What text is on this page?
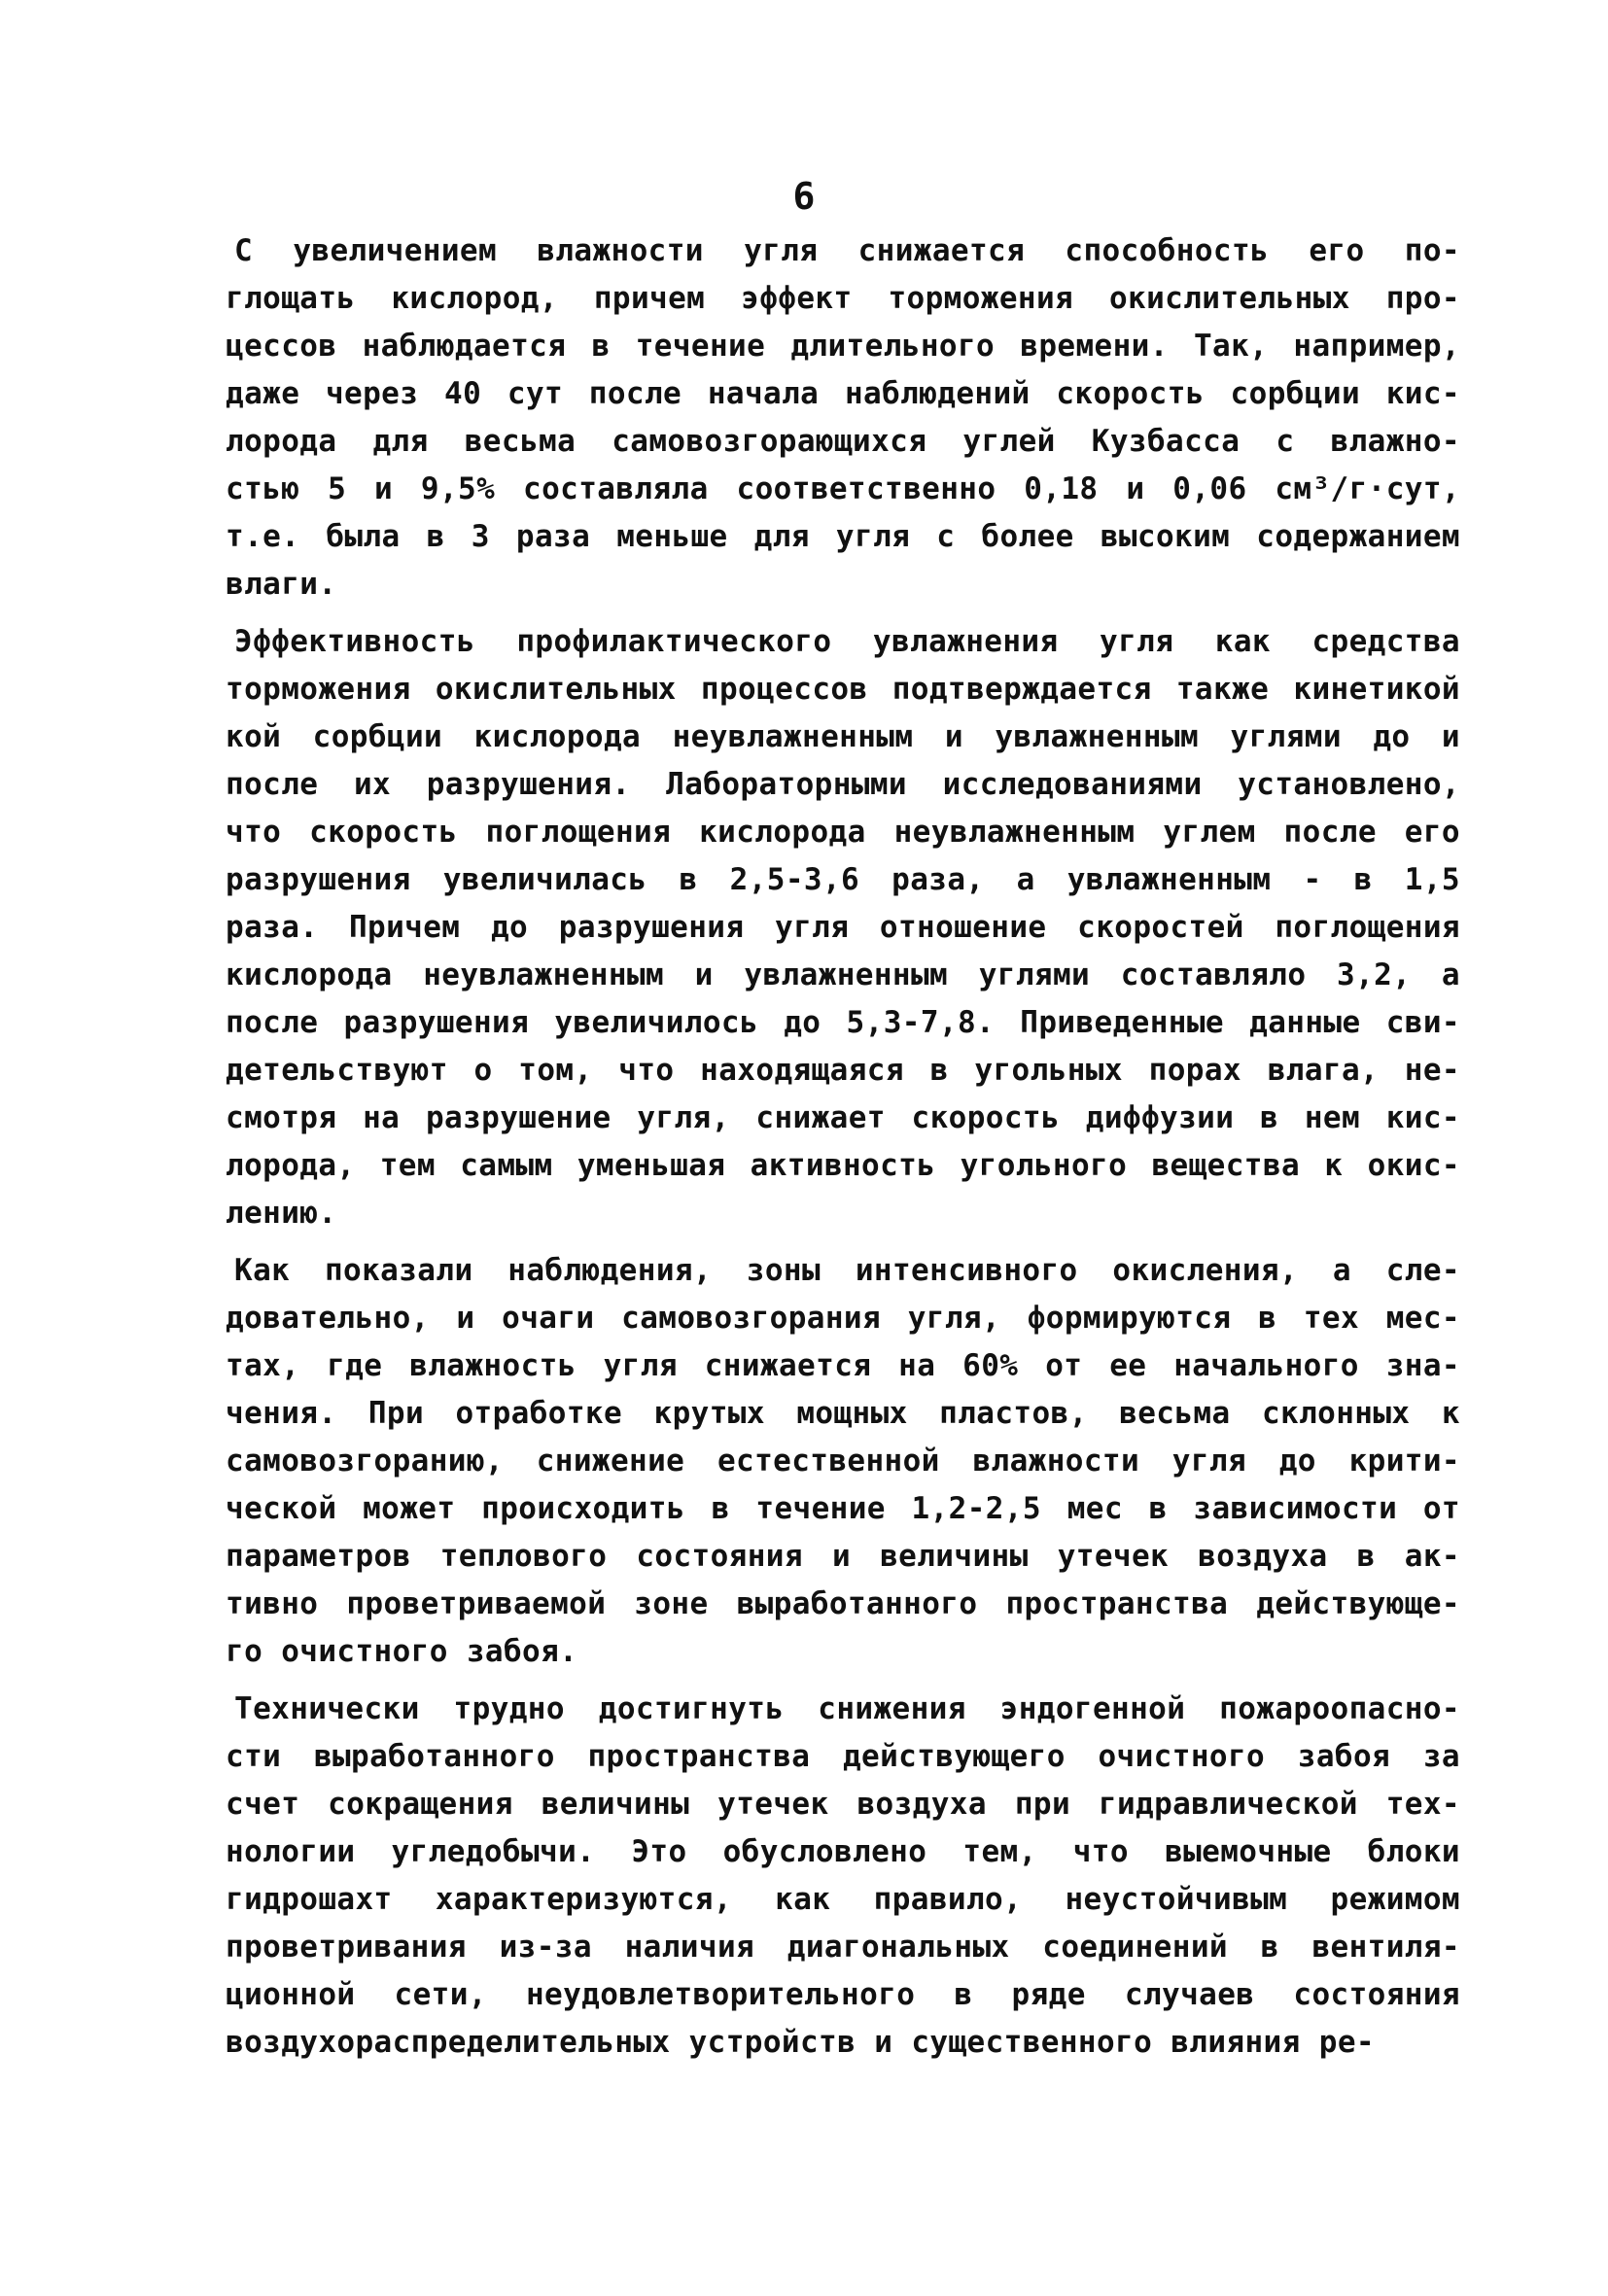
6
С увеличением влажности угля снижается способность его по-
глощать кислород, причем эффект торможения окислительных про-
цессов наблюдается в течение длительного времени. Так, например,
даже через 40 сут после начала наблюдений скорость сорбции кис-
лорода для весьма самовозгорающихся углей Кузбасса с влажно-
стью 5 и 9,5% составляла соответственно 0,18 и 0,06 см³/г·сут,
т.е. была в 3 раза меньше для угля с более высоким содержанием
влаги.
Эффективность профилактического увлажнения угля как средства
торможения окислительных процессов подтверждается также кинетикой
кой сорбции кислорода неувлажненным и увлажненным углями до и
после их разрушения. Лабораторными исследованиями установлено,
что скорость поглощения кислорода неувлажненным углем после его
разрушения увеличилась в 2,5-3,6 раза, а увлажненным - в 1,5
раза. Причем до разрушения угля отношение скоростей поглощения
кислорода неувлажненным и увлажненным углями составляло 3,2, а
после разрушения увеличилось до 5,3-7,8. Приведенные данные сви-
детельствуют о том, что находящаяся в угольных порах влага, не-
смотря на разрушение угля, снижает скорость диффузии в нем кис-
лорода, тем самым уменьшая активность угольного вещества к окис-
лению.
Как показали наблюдения, зоны интенсивного окисления, а сле-
довательно, и очаги самовозгорания угля, формируются в тех мес-
тах, где влажность угля снижается на 60% от ее начального зна-
чения. При отработке крутых мощных пластов, весьма склонных к
самовозгоранию, снижение естественной влажности угля до крити-
ческой может происходить в течение 1,2-2,5 мес в зависимости от
параметров теплового состояния и величины утечек воздуха в ак-
тивно проветриваемой зоне выработанного пространства действующе-
го очистного забоя.
Технически трудно достигнуть снижения эндогенной пожароопасно-
сти выработанного пространства действующего очистного забоя за
счет сокращения величины утечек воздуха при гидравлической тех-
нологии угледобычи. Это обусловлено тем, что выемочные блоки
гидрошахт характеризуются, как правило, неустойчивым режимом
проветривания из-за наличия диагональных соединений в вентиля-
ционной сети, неудовлетворительного в ряде случаев состояния
воздухораспределительных устройств и существенного влияния ре-
